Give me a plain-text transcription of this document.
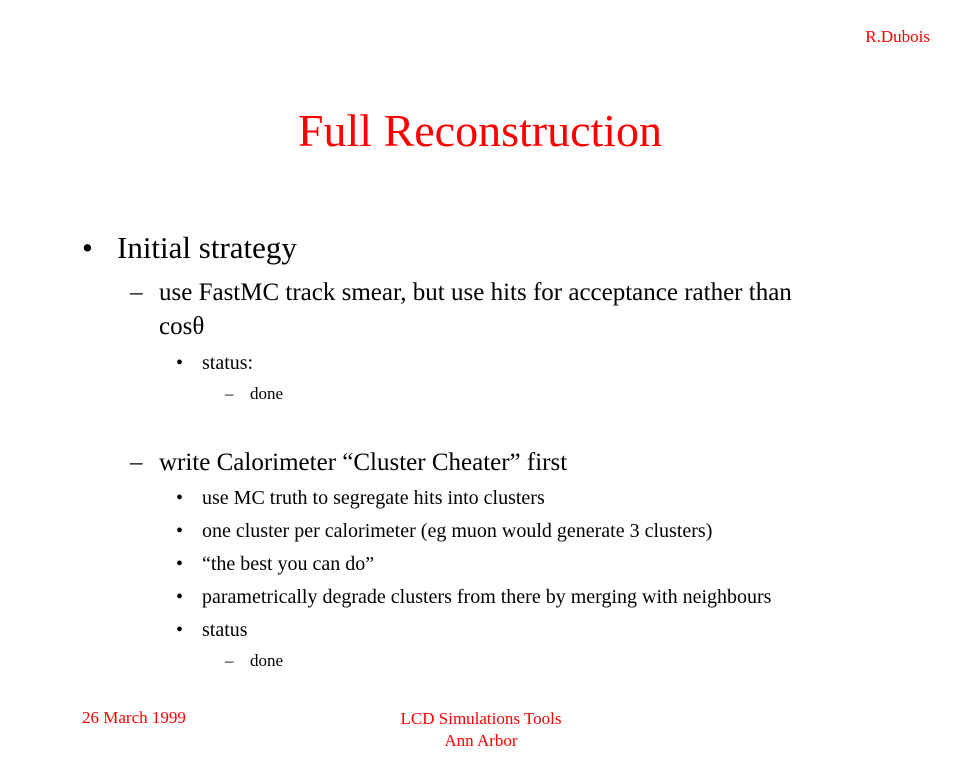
R.Dubois
Full Reconstruction
• Initial strategy
– use FastMC track smear, but use hits for acceptance rather than
cosθ
• status:
– done
– write Calorimeter “Cluster Cheater” first
• use MC truth to segregate hits into clusters
• one cluster per calorimeter (eg muon would generate 3 clusters)
• “the best you can do”
• parametrically degrade clusters from there by merging with neighbours
• status
– done
26 March 1999	LCD Simulations Tools
Ann Arbor
